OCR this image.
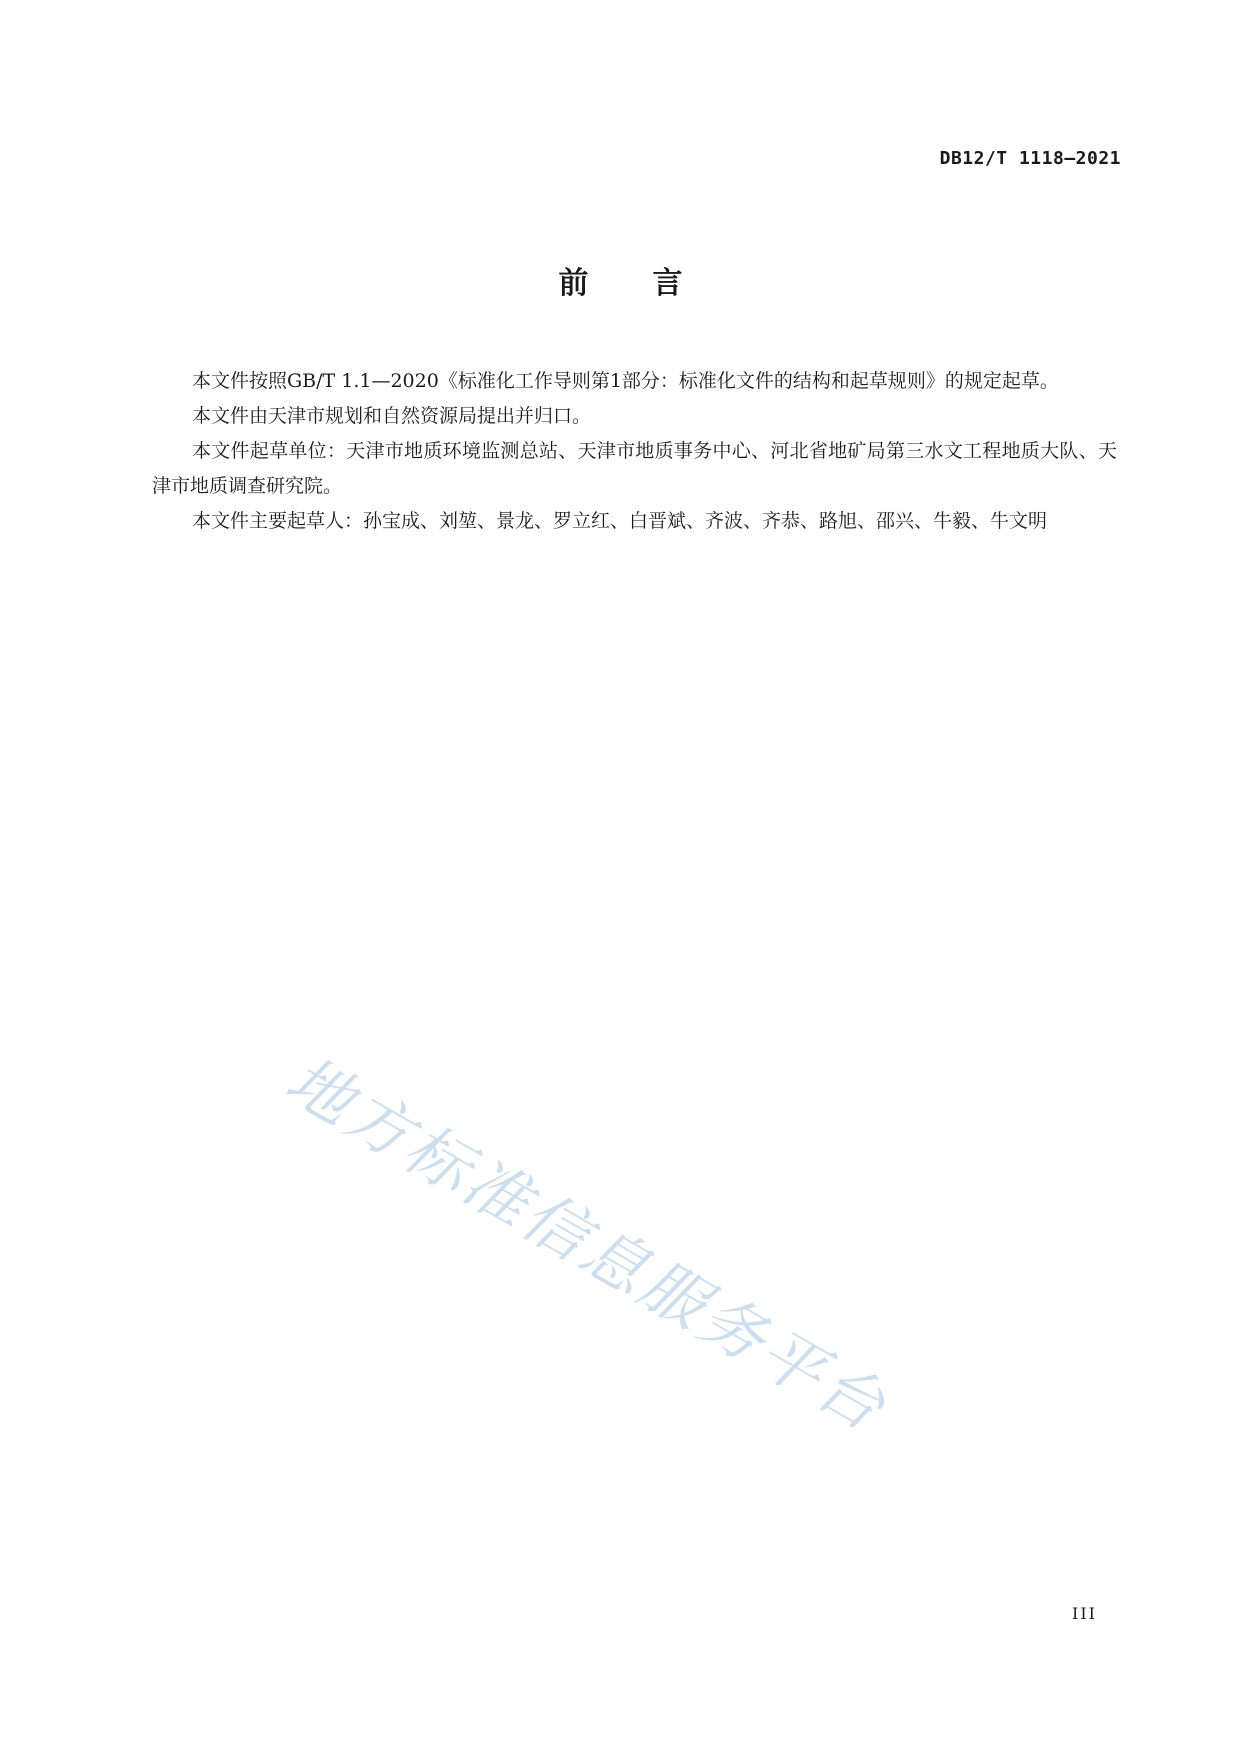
DB12/T 1118—2021
前言

本文件按照GB/T 1.1—2020《标准化工作导则第1部分：标准化文件的结构和起草规则》的规定起草。

本文件由天津市规划和自然资源局提出并归口。

本文件起草单位：天津市地质环境监测总站、天津市地质事务中心、河北省地矿局第三水文工程地质大队、天津市地质调查研究院。

本文件主要起草人：孙宝成、刘堃、景龙、罗立红、白晋斌、齐波、齐恭、路旭、邵兴、牛毅、牛文明

地方标准信息服务平台
III
